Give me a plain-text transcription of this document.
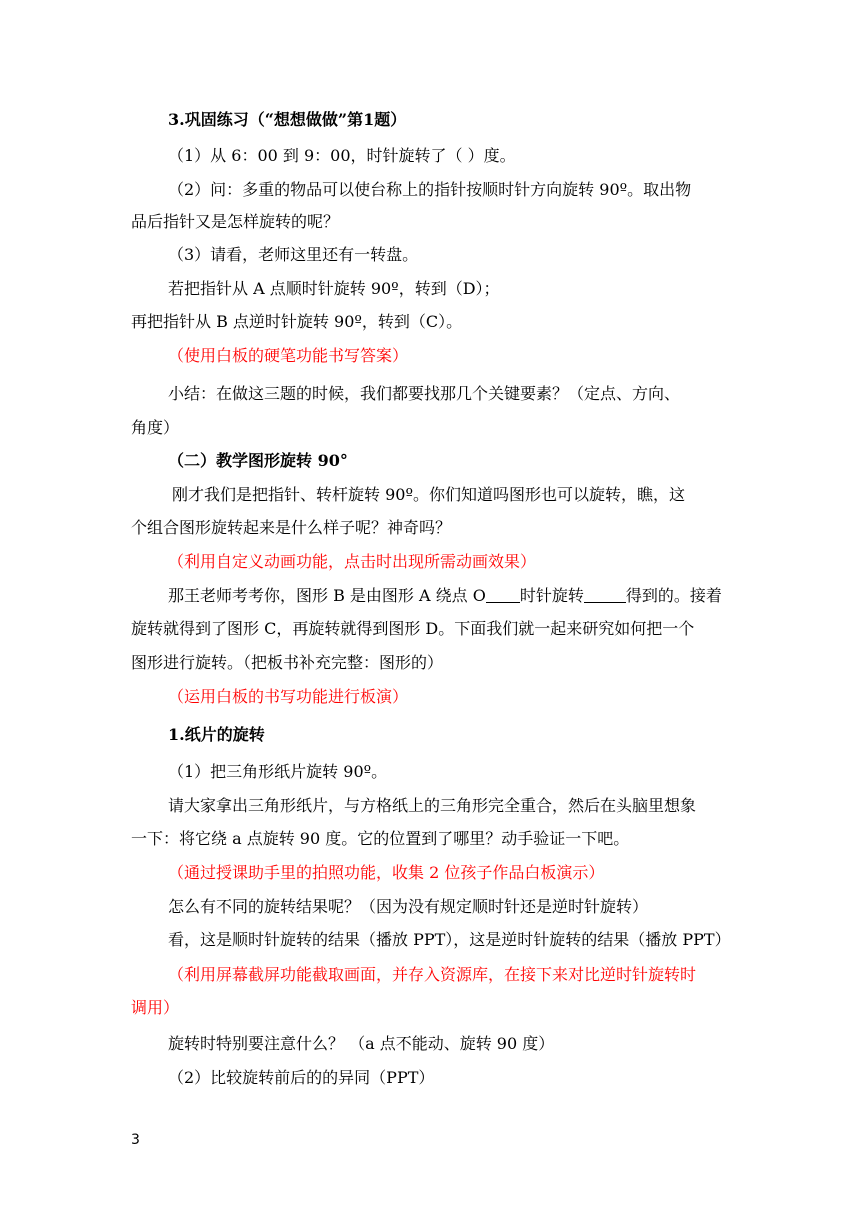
3.巩固练习（“想想做做”第1题）
（1）从 6：00 到 9：00，时针旋转了（ ）度。
（2）问：多重的物品可以使台称上的指针按顺时针方向旋转 90º。取出物
品后指针又是怎样旋转的呢？
（3）请看，老师这里还有一转盘。
若把指针从 A 点顺时针旋转 90º，转到（D）；
再把指针从 B 点逆时针旋转 90º，转到（C）。
（使用白板的硬笔功能书写答案）
小结：在做这三题的时候，我们都要找那几个关键要素？（定点、方向、
角度）
（二）教学图形旋转 90°
刚才我们是把指针、转杆旋转 90º。你们知道吗图形也可以旋转，瞧，这
个组合图形旋转起来是什么样子呢？神奇吗？
（利用自定义动画功能，点击时出现所需动画效果）
那王老师考考你，图形 B 是由图形 A 绕点 O 时针旋转	得到的。接着
旋转就得到了图形 C，再旋转就得到图形 D。下面我们就一起来研究如何把一个
图形进行旋转。（把板书补充完整：图形的）
（运用白板的书写功能进行板演）
1.纸片的旋转
（1）把三角形纸片旋转 90º。
请大家拿出三角形纸片，与方格纸上的三角形完全重合，然后在头脑里想象
一下：将它绕 a 点旋转 90 度。它的位置到了哪里？动手验证一下吧。
（通过授课助手里的拍照功能，收集 2 位孩子作品白板演示）
怎么有不同的旋转结果呢？（因为没有规定顺时针还是逆时针旋转）
看，这是顺时针旋转的结果（播放 PPT），这是逆时针旋转的结果（播放 PPT）
（利用屏幕截屏功能截取画面，并存入资源库，在接下来对比逆时针旋转时
调用）
旋转时特别要注意什么？ （a 点不能动、旋转 90 度）
（2）比较旋转前后的的异同（PPT）
3
